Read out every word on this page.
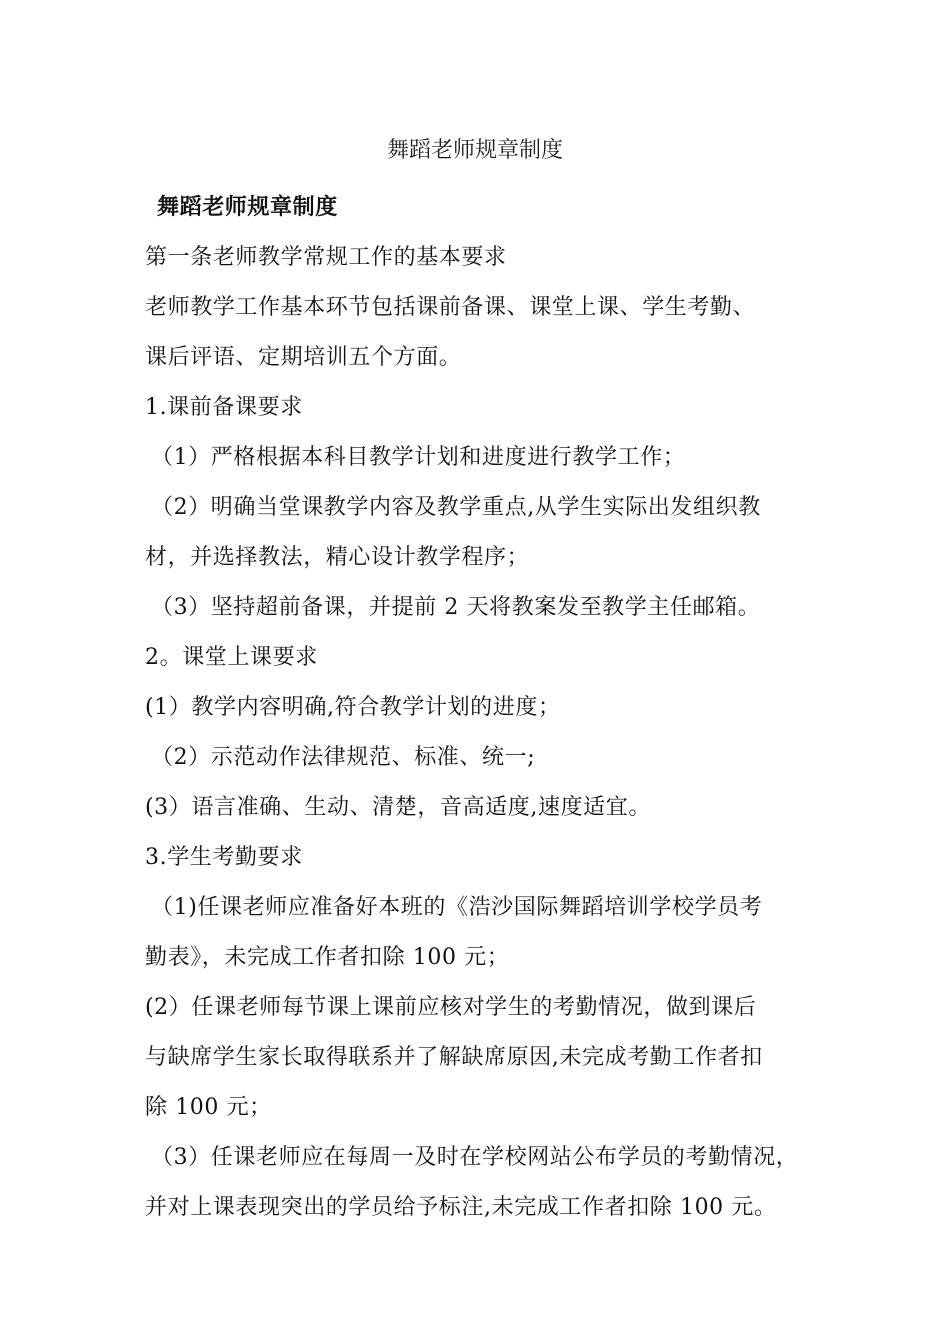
舞蹈老师规章制度
舞蹈老师规章制度
第一条老师教学常规工作的基本要求
老师教学工作基本环节包括课前备课、课堂上课、学生考勤、
课后评语、定期培训五个方面。
1.课前备课要求
（1）严格根据本科目教学计划和进度进行教学工作；
（2）明确当堂课教学内容及教学重点,从学生实际出发组织教
材，并选择教法，精心设计教学程序；
（3）坚持超前备课，并提前 2 天将教案发至教学主任邮箱。
2。课堂上课要求
(1）教学内容明确,符合教学计划的进度；
（2）示范动作法律规范、标准、统一;
(3）语言准确、生动、清楚，音高适度,速度适宜。
3.学生考勤要求
（1)任课老师应准备好本班的《浩沙国际舞蹈培训学校学员考
勤表》，未完成工作者扣除 100 元；
(2）任课老师每节课上课前应核对学生的考勤情况，做到课后
与缺席学生家长取得联系并了解缺席原因,未完成考勤工作者扣
除 100 元；
（3）任课老师应在每周一及时在学校网站公布学员的考勤情况，
并对上课表现突出的学员给予标注,未完成工作者扣除 100 元。
